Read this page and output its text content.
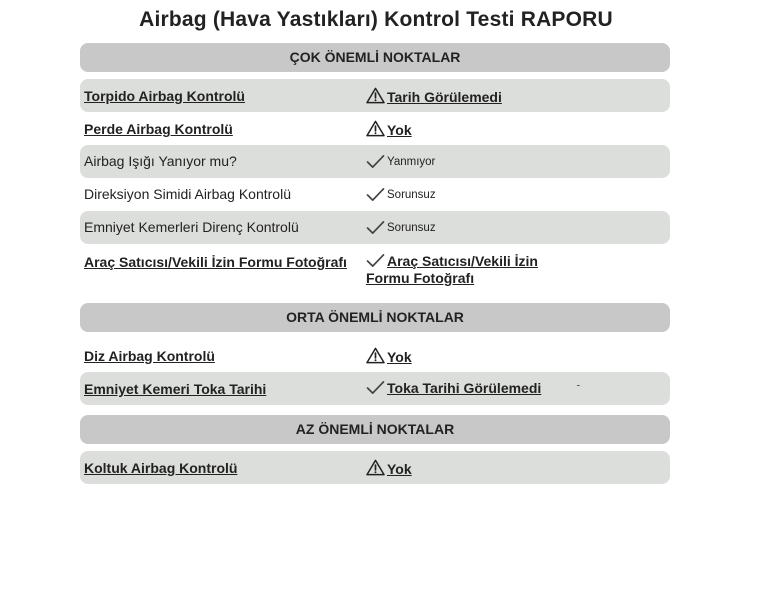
Airbag (Hava Yastıkları) Kontrol Testi RAPORU
ÇOK ÖNEMLİ NOKTALAR
Torpido Airbag Kontrolü	Tarih Görülemedi
Perde Airbag Kontrolü	Yok
Airbag Işığı Yanıyor mu?	Yanmıyor
Direksiyon Simidi Airbag Kontrolü	Sorunsuz
Emniyet Kemerleri Direnç Kontrolü	Sorunsuz
Araç Satıcısı/Vekili İzin Formu Fotoğrafı	Araç Satıcısı/Vekili İzin Formu Fotoğrafı
ORTA ÖNEMLİ NOKTALAR
Diz Airbag Kontrolü	Yok
Emniyet Kemeri Toka Tarihi	Toka Tarihi Görülemedi	ـ
AZ ÖNEMLİ NOKTALAR
Koltuk Airbag Kontrolü	Yok
